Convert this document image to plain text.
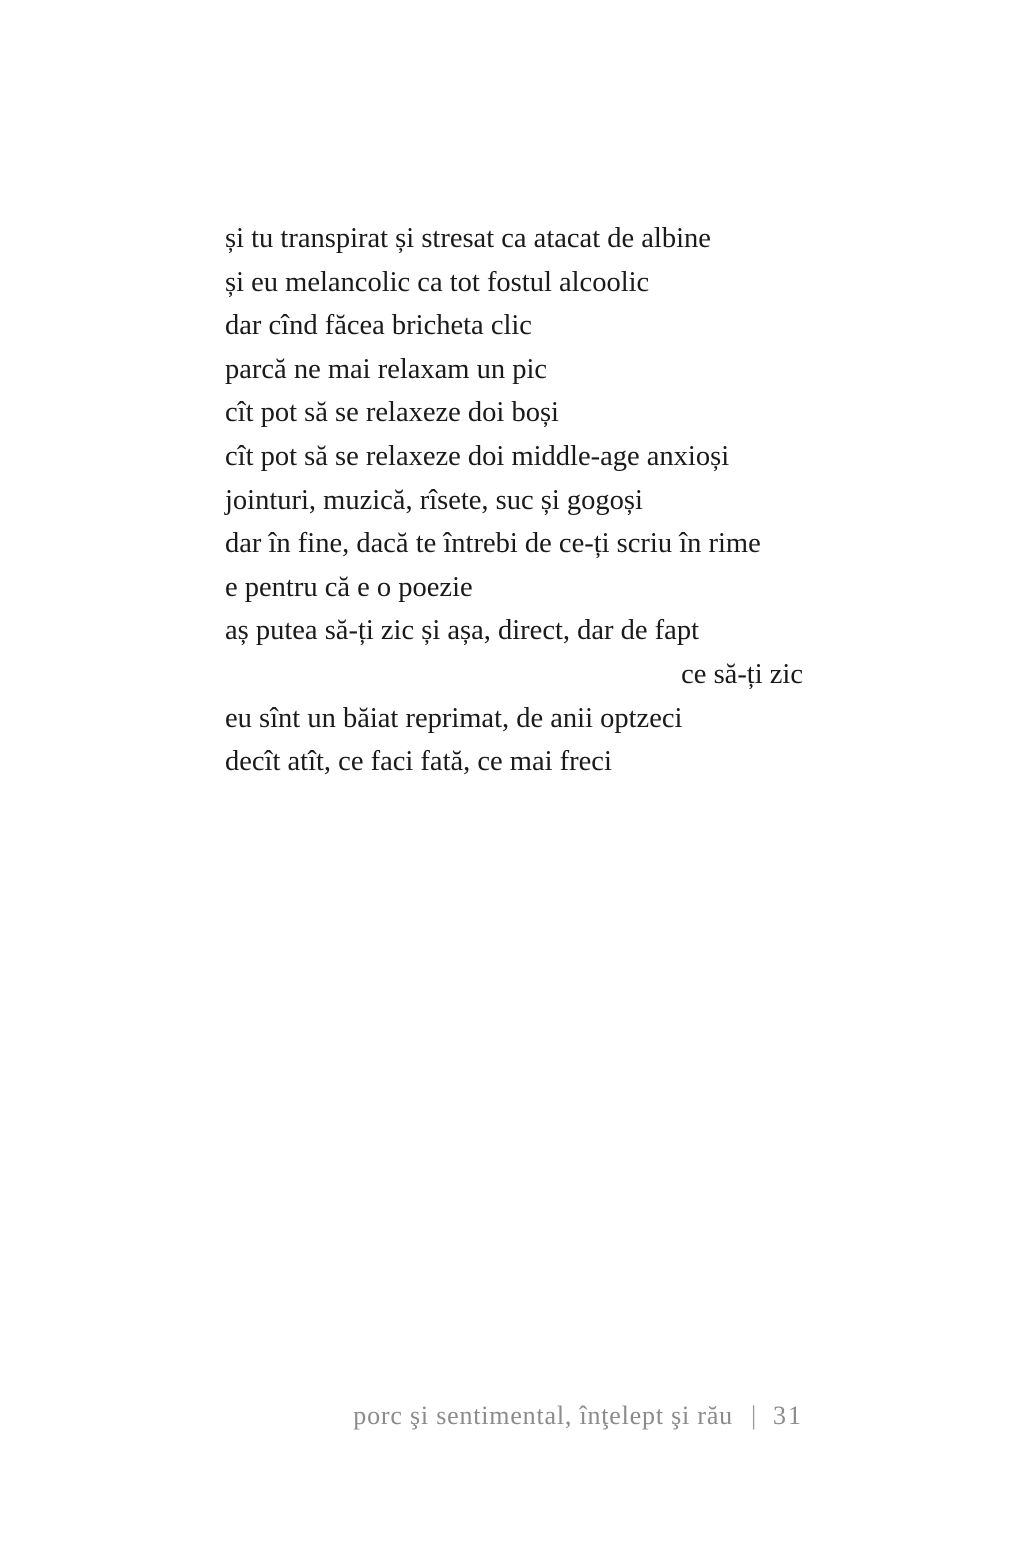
și tu transpirat și stresat ca atacat de albine
și eu melancolic ca tot fostul alcoolic
dar cînd făcea bricheta clic
parcă ne mai relaxam un pic
cît pot să se relaxeze doi boși
cît pot să se relaxeze doi middle-age anxioși
jointuri, muzică, rîsete, suc și gogoși
dar în fine, dacă te întrebi de ce-ți scriu în rime
e pentru că e o poezie
aș putea să-ți zic și așa, direct, dar de fapt
ce să-ți zic
eu sînt un băiat reprimat, de anii optzeci
decît atît, ce faci fată, ce mai freci
porc şi sentimental, înţelept şi rău | 31
